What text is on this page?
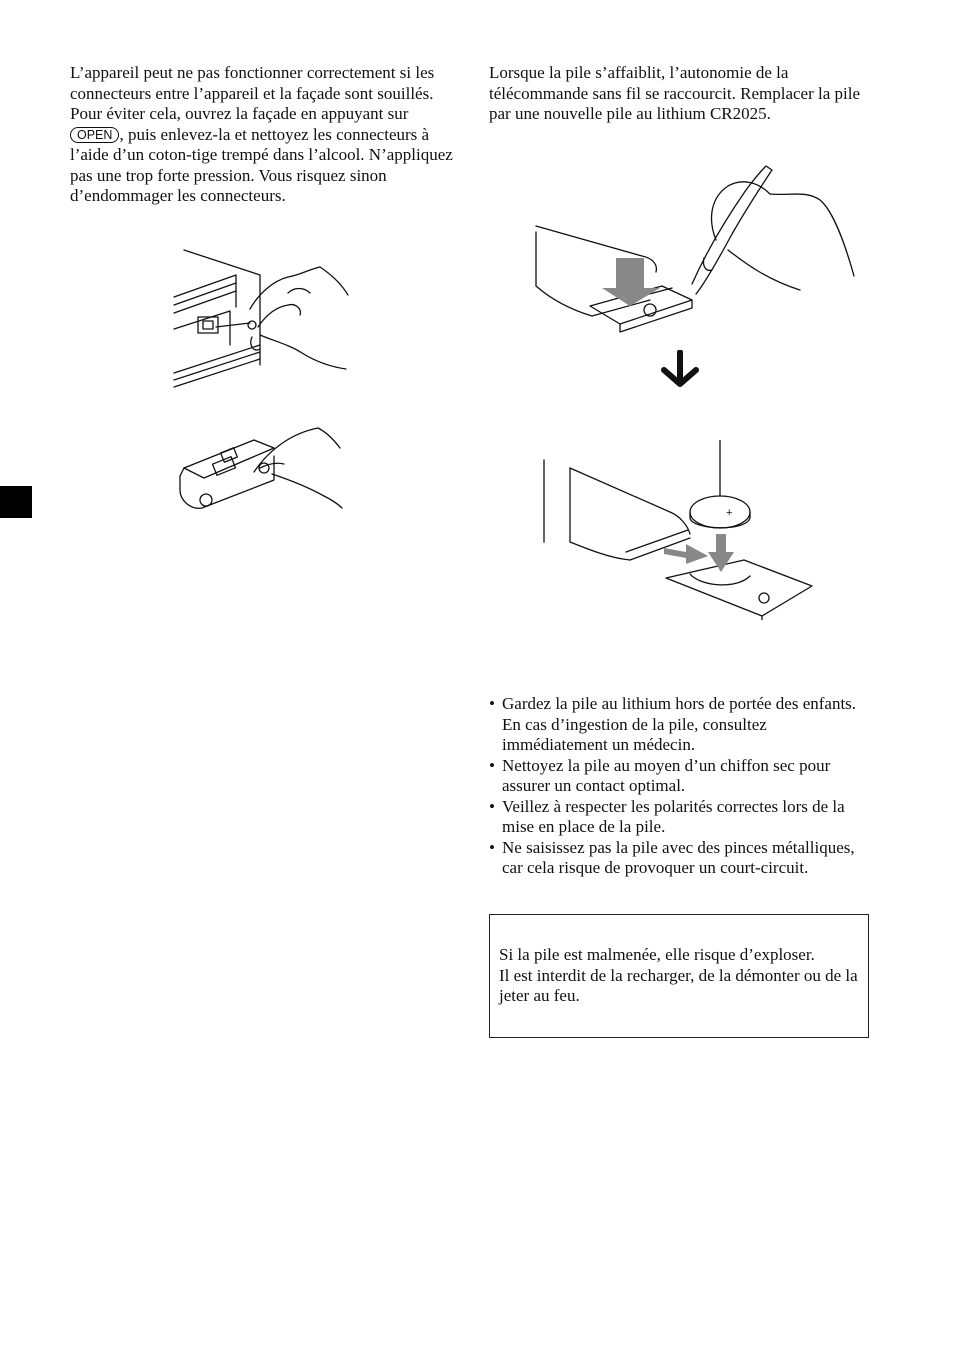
L’appareil peut ne pas fonctionner correctement si les connecteurs entre l’appareil et la façade sont souillés. Pour éviter cela, ouvrez la façade en appuyant sur OPEN , puis enlevez-la et nettoyez les connecteurs à l’aide d’un coton-tige trempé dans l’alcool. N’appliquez pas une trop forte pression. Vous risquez sinon d’endommager les connecteurs.

Lorsque la pile s’affaiblit, l’autonomie de la télécommande sans fil se raccourcit. Remplacer la pile par une nouvelle pile au lithium CR2025.

+
• Gardez la pile au lithium hors de portée des enfants. En cas d’ingestion de la pile, consultez immédiatement un médecin.
• Nettoyez la pile au moyen d’un chiffon sec pour assurer un contact optimal.
• Veillez à respecter les polarités correctes lors de la mise en place de la pile.
• Ne saisissez pas la pile avec des pinces métalliques, car cela risque de provoquer un court-circuit.

Si la pile est malmenée, elle risque d’exploser.

Il est interdit de la recharger, de la démonter ou de la jeter au feu.
